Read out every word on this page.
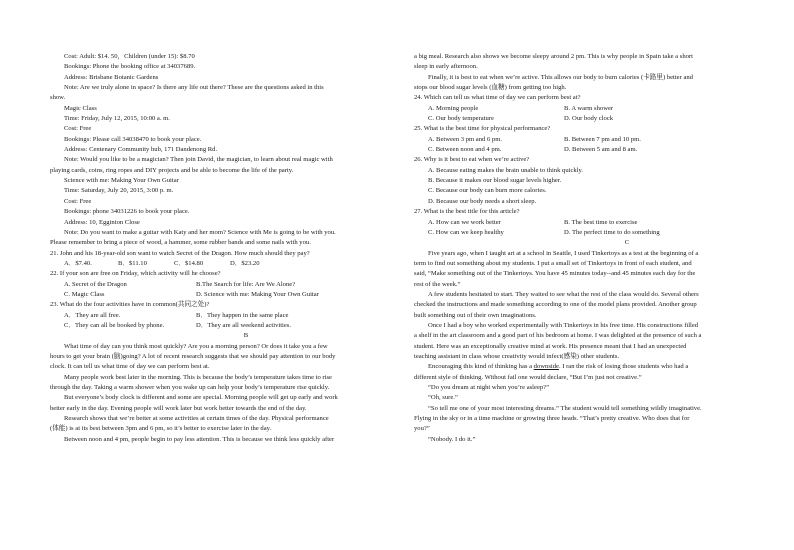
Cost: Adult: $14. 50，Children (under 15): $8.70
Bookings: Phone the booking office at 34037689.
Address: Brisbane Botanic Gardens
Note: Are we truly alone in space? Is there any life out there? These are the questions asked in this
show.
Magic Class
Time: Friday, July 12, 2015, 10:00 a. m.
Cost: Free
Bookings: Please call 34038470 to book your place.
Address: Centenary Community hub, 171 Dandenong Rd.
Note: Would you like to be a magician? Then join David, the magician, to learn about real magic with
playing cards, coins, ring ropes and DIY projects and be able to become the life of the party.
Science with me: Making Your Own Guitar
Time: Saturday, July 20, 2015, 3:00 p. m.
Cost: Free
Bookings: phone 34031226 to book your place.
Address: 10, Egginton Close
Note: Do you want to make a guitar with Katy and her mom? Science with Me is going to be with you.
Please remember to bring a piece of wood, a hammer, some rubber bands and some nails with you.
21. John and his 18-year-old son want to watch Secret of the Dragon. How much should they pay?
A．$7.40.	B．$11.10	C．$14.80	D．$23.20
22. If your son are free on Friday, which activity will he choose?
A. Secret of the Dragon	B.The Search for life: Are We Alone?
C. Magic Class	D. Science with me: Making Your Own Guitar
23. What do the four activities have in common(共同之处)?
A．They are all free.	B．They happen in the same place
C．They can all be booked by phone.	D．They are all weekend activities.
B
What time of day can you think most quickly? Are you a morning person? Or does it take you a few
hours to get your brain (脑)going? A lot of recent research suggests that we should pay attention to our body
clock. It can tell us what time of day we can perform best at.
Many people work best later in the morning. This is because the body’s temperature takes time to rise
through the day. Taking a warm shower when you wake up can help your body’s temperature rise quickly.
But everyone’s body clock is different and some are special. Morning people will get up early and work
better early in the day. Evening people will work later but work better towards the end of the day.
Research shows that we’re better at some activities at certain times of the day. Physical performance
(体能) is at its best between 3pm and 6 pm, so it’s better to exercise later in the day.
Between noon and 4 pm, people begin to pay less attention. This is because we think less quickly after
a big meal. Research also shows we become sleepy around 2 pm. This is why people in Spain take a short
sleep in early afternoon.
Finally, it is best to eat when we’re active. This allows our body to burn calories (卡路里) better and
stops our blood sugar levels (血糖) from getting too high.
24. Which can tell us what time of day we can perform best at?
A. Morning people	B. A warm shower
C. Our body temperature	D. Our body clock
25. What is the best time for physical performance?
A. Between 3 pm and 6 pm.	B. Between 7 pm and 10 pm.
C. Between noon and 4 pm.	D. Between 5 am and 8 am.
26. Why is it best to eat when we’re active?
A. Because eating makes the brain unable to think quickly.
B. Because it makes our blood sugar levels higher.
C. Because our body can burn more calories.
D. Because our body needs a short sleep.
27. What is the best title for this article?
A. How can we work better	B. The best time to exercise
C. How can we keep healthy	D. The perfect time to do something
C
Five years ago, when I taught art at a school in Seattle, I used Tinkertoys as a test at the beginning of a
term to find out something about my students. I put a small set of Tinkertoys in front of each student, and
said, “Make something out of the Tinkertoys. You have 45 minutes today--and 45 minutes each day for the
rest of the week.”
A few students hesitated to start. They waited to see what the rest of the class would do. Several others
checked the instructions and made something according to one of the model plans provided. Another group
built something out of their own imaginations.
Once I had a boy who worked experimentally with Tinkertoys in his free time. His constructions filled
a shelf in the art classroom and a good part of his bedroom at home. I was delighted at the presence of such a
student. Here was an exceptionally creative mind at work. His presence meant that I had an unexpected
teaching assistant in class whose creativity would infect(感染) other students.
Encouraging this kind of thinking has a downside. I ran the risk of losing those students who had a
different style of thinking. Without fail one would declare, “But I’m just not creative.”
“Do you dream at night when you’re asleep?”
“Oh, sure.”
“So tell me one of your most interesting dreams.” The student would tell something wildly imaginative.
Flying in the sky or in a time machine or growing three heads. “That’s pretty creative. Who does that for
you?”
“Nobody. I do it.”
